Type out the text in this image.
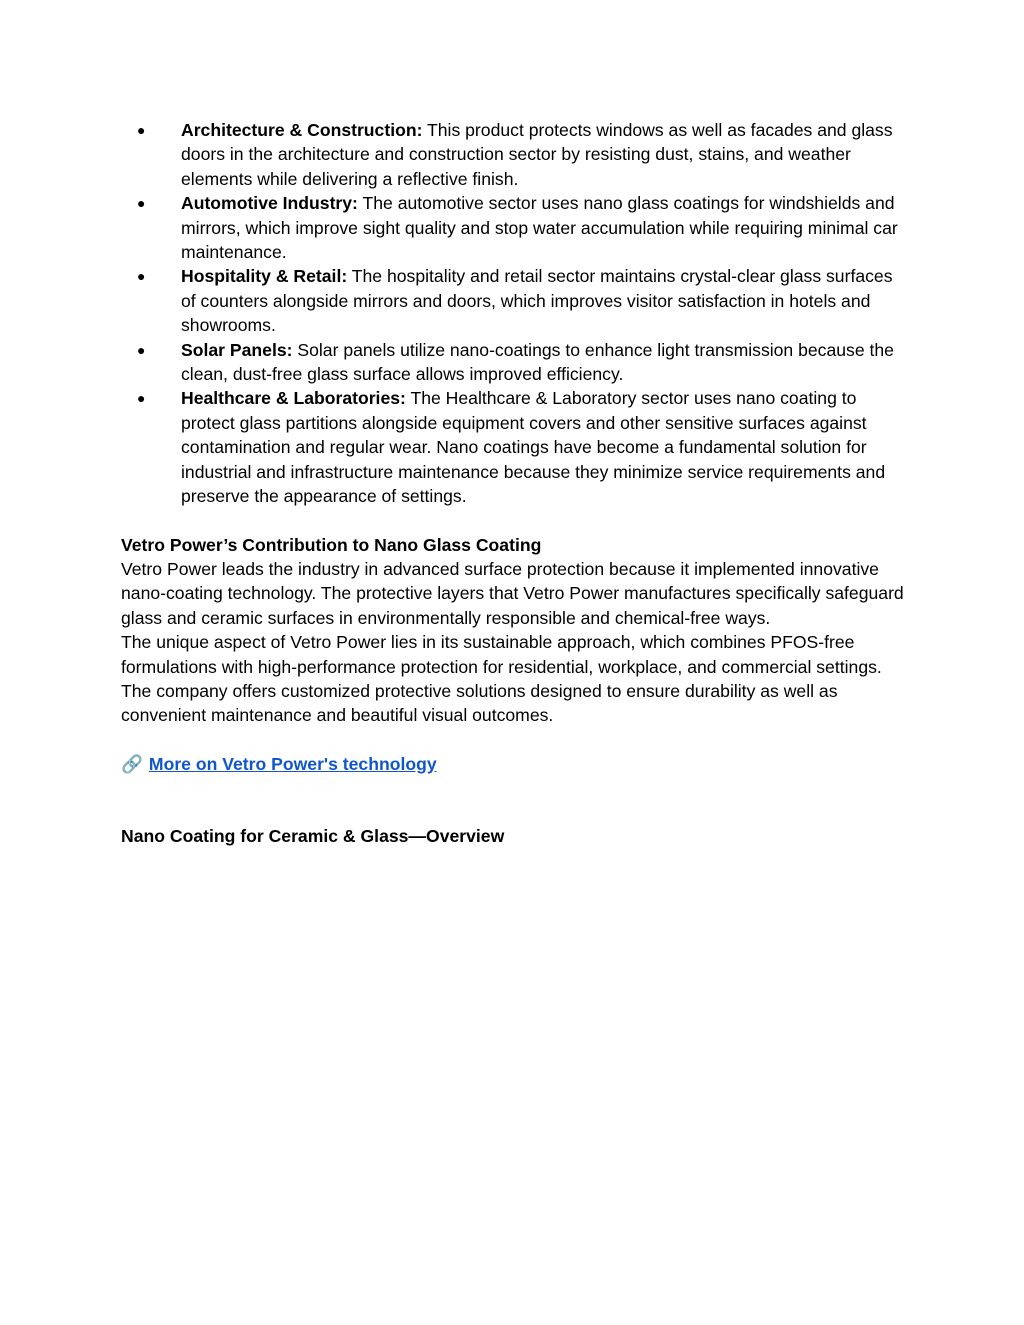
● Architecture & Construction: This product protects windows as well as facades and glass doors in the architecture and construction sector by resisting dust, stains, and weather elements while delivering a reflective finish.
● Automotive Industry: The automotive sector uses nano glass coatings for windshields and mirrors, which improve sight quality and stop water accumulation while requiring minimal car maintenance.
● Hospitality & Retail: The hospitality and retail sector maintains crystal-clear glass surfaces of counters alongside mirrors and doors, which improves visitor satisfaction in hotels and showrooms.
● Solar Panels: Solar panels utilize nano-coatings to enhance light transmission because the clean, dust-free glass surface allows improved efficiency.
● Healthcare & Laboratories: The Healthcare & Laboratory sector uses nano coating to protect glass partitions alongside equipment covers and other sensitive surfaces against contamination and regular wear. Nano coatings have become a fundamental solution for industrial and infrastructure maintenance because they minimize service requirements and preserve the appearance of settings.

Vetro Power’s Contribution to Nano Glass Coating

Vetro Power leads the industry in advanced surface protection because it implemented innovative nano-coating technology. The protective layers that Vetro Power manufactures specifically safeguard glass and ceramic surfaces in environmentally responsible and chemical-free ways.

The unique aspect of Vetro Power lies in its sustainable approach, which combines PFOS-free formulations with high-performance protection for residential, workplace, and commercial settings. The company offers customized protective solutions designed to ensure durability as well as convenient maintenance and beautiful visual outcomes.

🔗 More on Vetro Power's technology

Nano Coating for Ceramic & Glass—Overview
